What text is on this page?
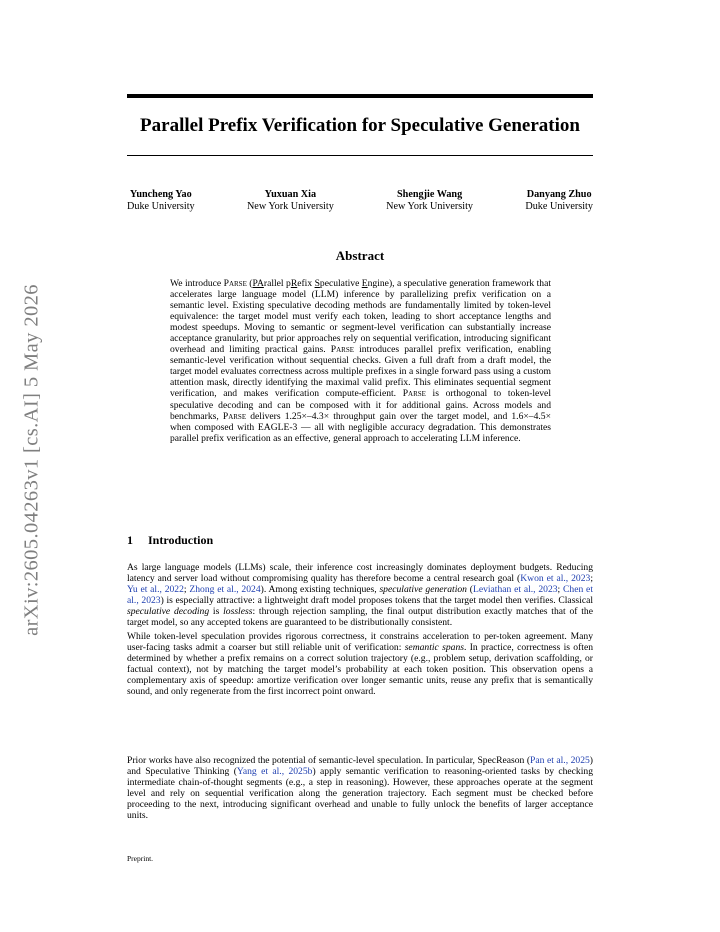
arXiv:2605.04263v1 [cs.AI] 5 May 2026
Parallel Prefix Verification for Speculative Generation
Yuncheng Yao
Duke University
Yuxuan Xia
New York University
Shengjie Wang
New York University
Danyang Zhuo
Duke University
Abstract

We introduce Parse (PArallel pRefix Speculative Engine), a speculative generation framework that accelerates large language model (LLM) inference by parallelizing prefix verification on a semantic level. Existing speculative decoding methods are fundamentally limited by token-level equivalence: the target model must verify each token, leading to short acceptance lengths and modest speedups. Moving to semantic or segment-level verification can substantially increase acceptance granularity, but prior approaches rely on sequential verification, introducing significant overhead and limiting practical gains. Parse introduces parallel prefix verification, enabling semantic-level verification without sequential checks. Given a full draft from a draft model, the target model evaluates correctness across multiple prefixes in a single forward pass using a custom attention mask, directly identifying the maximal valid prefix. This eliminates sequential segment verification, and makes verification compute-efficient. Parse is orthogonal to token-level speculative decoding and can be composed with it for additional gains. Across models and benchmarks, Parse delivers 1.25×–4.3× throughput gain over the target model, and 1.6×–4.5× when composed with EAGLE-3 — all with negligible accuracy degradation. This demonstrates parallel prefix verification as an effective, general approach to accelerating LLM inference.

1 Introduction

As large language models (LLMs) scale, their inference cost increasingly dominates deployment budgets. Reducing latency and server load without compromising quality has therefore become a central research goal (Kwon et al., 2023; Yu et al., 2022; Zhong et al., 2024). Among existing techniques, speculative generation (Leviathan et al., 2023; Chen et al., 2023) is especially attractive: a lightweight draft model proposes tokens that the target model then verifies. Classical speculative decoding is lossless: through rejection sampling, the final output distribution exactly matches that of the target model, so any accepted tokens are guaranteed to be distributionally consistent.

While token-level speculation provides rigorous correctness, it constrains acceleration to per-token agreement. Many user-facing tasks admit a coarser but still reliable unit of verification: semantic spans. In practice, correctness is often determined by whether a prefix remains on a correct solution trajectory (e.g., problem setup, derivation scaffolding, or factual context), not by matching the target model’s probability at each token position. This observation opens a complementary axis of speedup: amortize verification over longer semantic units, reuse any prefix that is semantically sound, and only regenerate from the first incorrect point onward.

Prior works have also recognized the potential of semantic-level speculation. In particular, SpecReason (Pan et al., 2025) and Speculative Thinking (Yang et al., 2025b) apply semantic verification to reasoning-oriented tasks by checking intermediate chain-of-thought segments (e.g., a step in reasoning). However, these approaches operate at the segment level and rely on sequential verification along the generation trajectory. Each segment must be checked before proceeding to the next, introducing significant overhead and unable to fully unlock the benefits of larger acceptance units.

Preprint.
